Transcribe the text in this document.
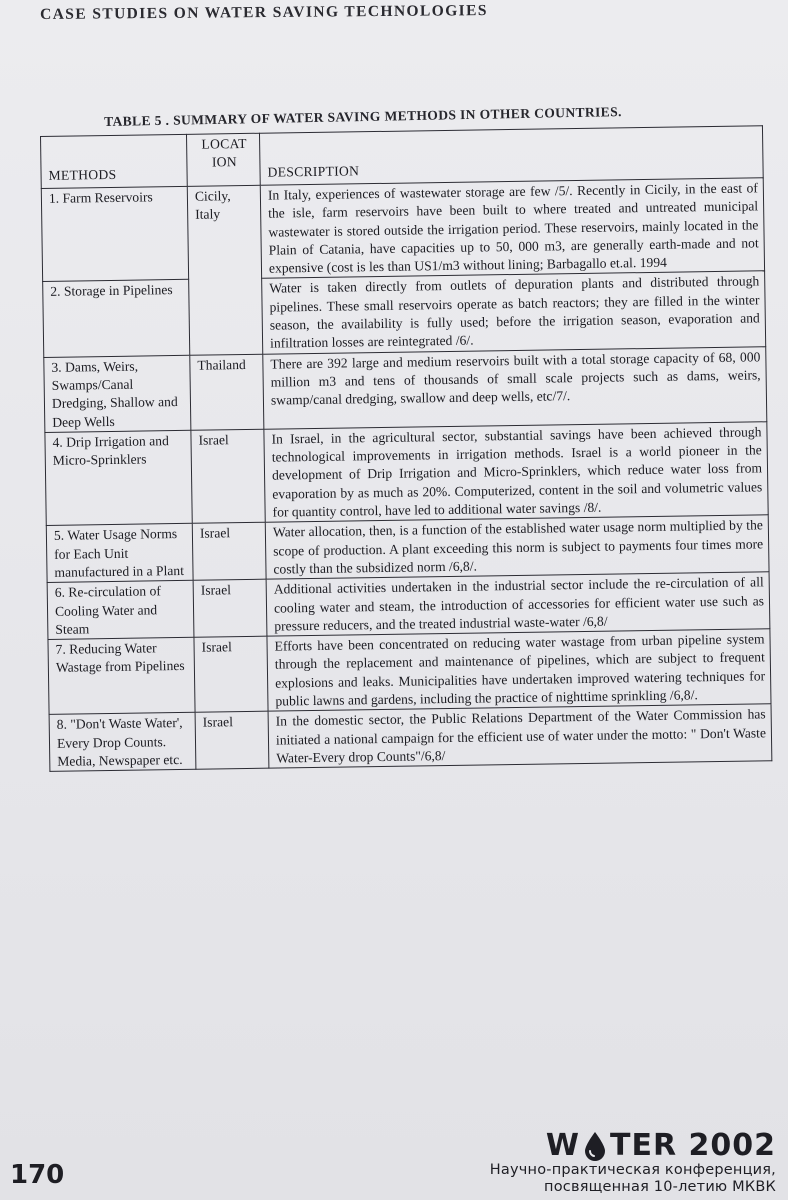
CASE STUDIES ON WATER SAVING TECHNOLOGIES
TABLE 5 . SUMMARY OF WATER SAVING METHODS IN OTHER COUNTRIES.
METHODS	LOCAT ION	DESCRIPTION
1. Farm Reservoirs	Cicily, Italy	In Italy, experiences of wastewater storage are few /5/. Recently in Cicily, in the east of the isle, farm reservoirs have been built to where treated and untreated municipal wastewater is stored outside the irrigation period. These reservoirs, mainly located in the Plain of Catania, have capacities up to 50, 000 m3, are generally earth-made and not expensive (cost is les than US1/m3 without lining; Barbagallo et.al. 1994
2. Storage in Pipelines		Water is taken directly from outlets of depuration plants and distributed through pipelines. These small reservoirs operate as batch reactors; they are filled in the winter season, the availability is fully used; before the irrigation season, evaporation and infiltration losses are reintegrated /6/.
3. Dams, Weirs, Swamps/Canal Dredging, Shallow and Deep Wells	Thailand	There are 392 large and medium reservoirs built with a total storage capacity of 68, 000 million m3 and tens of thousands of small scale projects such as dams, weirs, swamp/canal dredging, swallow and deep wells, etc/7/.
4. Drip Irrigation and Micro-Sprinklers	Israel	In Israel, in the agricultural sector, substantial savings have been achieved through technological improvements in irrigation methods. Israel is a world pioneer in the development of Drip Irrigation and Micro-Sprinklers, which reduce water loss from evaporation by as much as 20%. Computerized, content in the soil and volumetric values for quantity control, have led to additional water savings /8/.
5. Water Usage Norms for Each Unit manufactured in a Plant	Israel	Water allocation, then, is a function of the established water usage norm multiplied by the scope of production. A plant exceeding this norm is subject to payments four times more costly than the subsidized norm /6,8/.
6. Re-circulation of Cooling Water and Steam	Israel	Additional activities undertaken in the industrial sector include the re-circulation of all cooling water and steam, the introduction of accessories for efficient water use such as pressure reducers, and the treated industrial waste-water /6,8/
7. Reducing Water Wastage from Pipelines	Israel	Efforts have been concentrated on reducing water wastage from urban pipeline system through the replacement and maintenance of pipelines, which are subject to frequent explosions and leaks. Municipalities have undertaken improved watering techniques for public lawns and gardens, including the practice of nighttime sprinkling /6,8/.
8. "Don't Waste Water', Every Drop Counts. Media, Newspaper etc.	Israel	In the domestic sector, the Public Relations Department of the Water Commission has initiated a national campaign for the efficient use of water under the motto: " Don't Waste Water-Every drop Counts"/6,8/
170
W TER 2002
Научно-практическая конференция,
посвященная 10-летию МКВК
